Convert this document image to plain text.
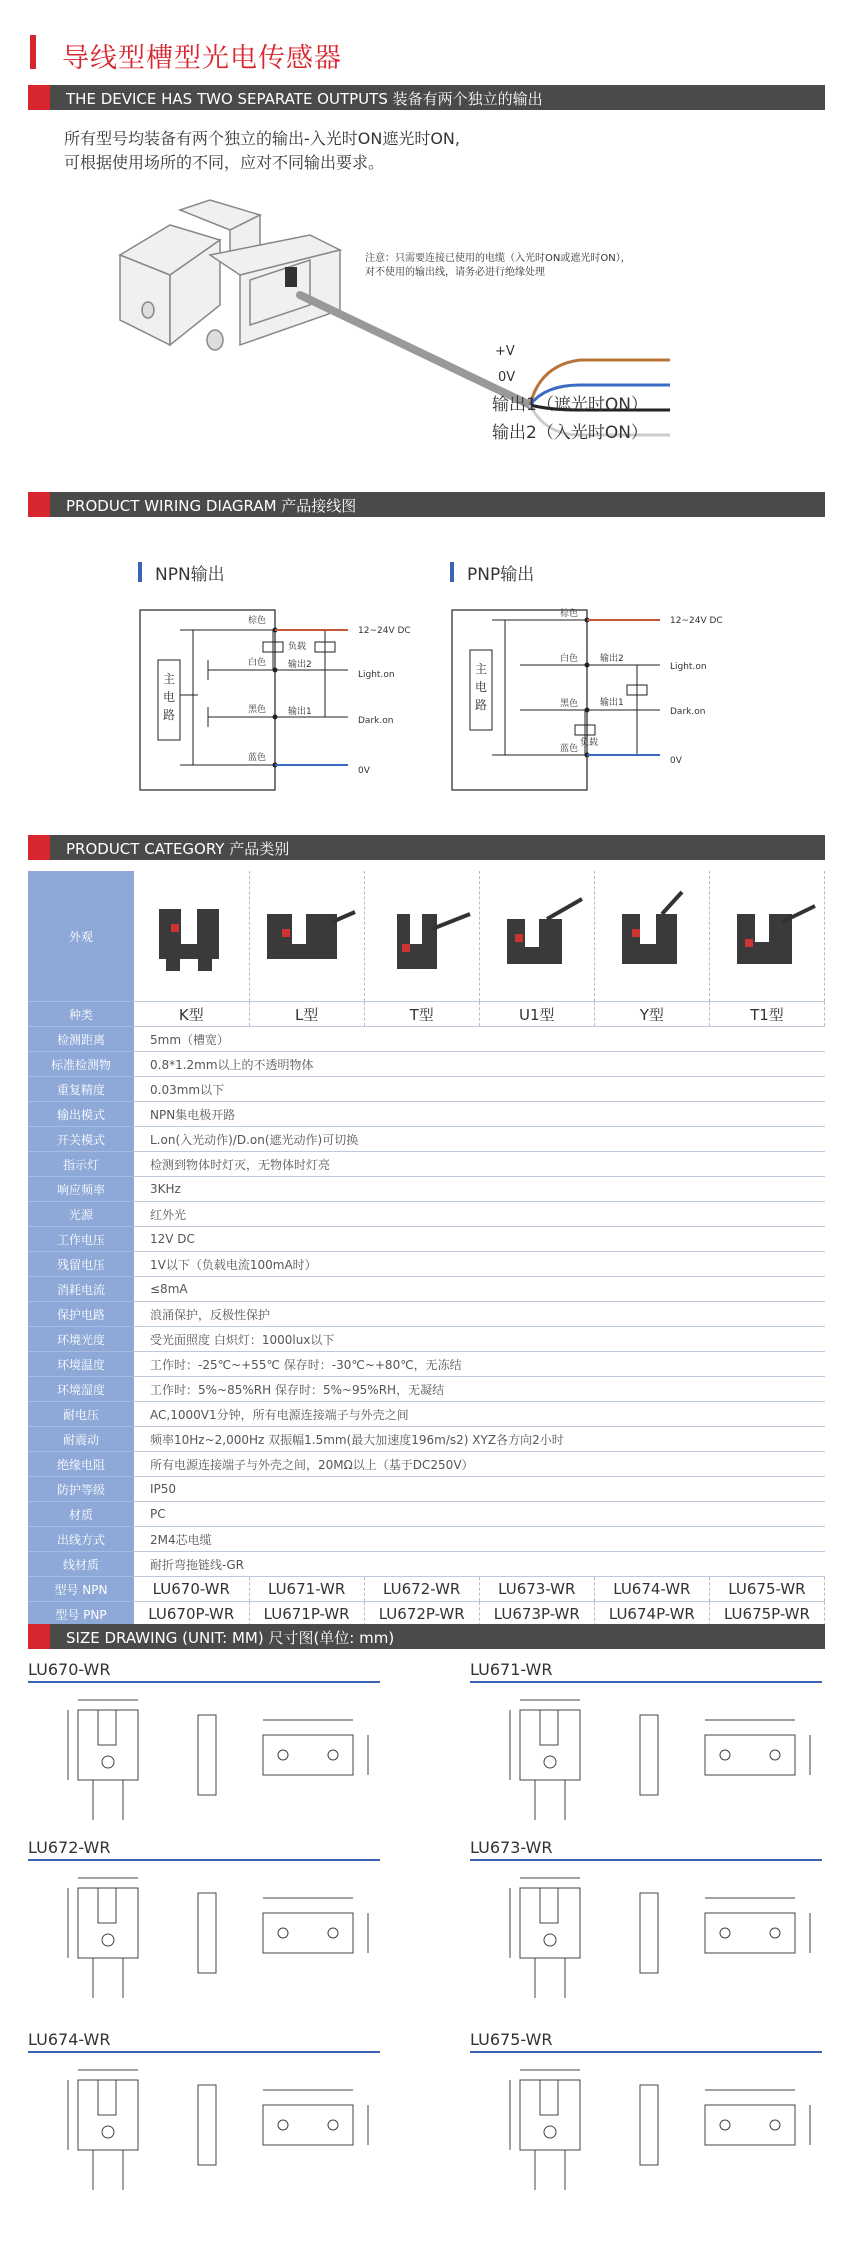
导线型槽型光电传感器
THE DEVICE HAS TWO SEPARATE OUTPUTS 装备有两个独立的输出
所有型号均装备有两个独立的输出-入光时ON遮光时ON,
可根据使用场所的不同，应对不同输出要求。
注意：只需要连接已使用的电缆（入光时ON或遮光时ON），
对不使用的输出线，请务必进行绝缘处理
+V
0V
输出1（遮光时ON）
输出2（入光时ON）
PRODUCT WIRING DIAGRAM 产品接线图
NPN输出	PNP输出
主
电
路
棕色
白色
黑色
蓝色
负载
输出2
输出1
12~24V DC
Light.on
Dark.on
0V
主
电
路
棕色
白色
黑色
蓝色
输出2
输出1
负载
12~24V DC
Light.on
Dark.on
0V
PRODUCT CATEGORY 产品类别
外观						
种类	K型	L型	T型	U1型	Y型	T1型
检测距离	5mm（槽宽）					
标准检测物	0.8*1.2mm以上的不透明物体					
重复精度	0.03mm以下					
输出模式	NPN集电极开路					
开关模式	L.on(入光动作)/D.on(遮光动作)可切换					
指示灯	检测到物体时灯灭，无物体时灯亮					
响应频率	3KHz					
光源	红外光					
工作电压	12V DC					
残留电压	1V以下（负载电流100mA时）					
消耗电流	≤8mA					
保护电路	浪涌保护，反极性保护					
环境光度	受光面照度 白炽灯：1000lux以下					
环境温度	工作时：-25℃~+55℃ 保存时：-30℃~+80℃，无冻结					
环境湿度	工作时：5%~85%RH 保存时：5%~95%RH，无凝结					
耐电压	AC,1000V1分钟，所有电源连接端子与外壳之间					
耐震动	频率10Hz~2,000Hz 双振幅1.5mm(最大加速度196m/s2) XYZ各方向2小时					
绝缘电阻	所有电源连接端子与外壳之间，20MΩ以上（基于DC250V）					
防护等级	IP50					
材质	PC					
出线方式	2M4芯电缆					
线材质	耐折弯拖链线-GR					
型号 NPN	LU670-WR	LU671-WR	LU672-WR	LU673-WR	LU674-WR	LU675-WR
型号 PNP	LU670P-WR	LU671P-WR	LU672P-WR	LU673P-WR	LU674P-WR	LU675P-WR
SIZE DRAWING (UNIT: MM) 尺寸图(单位: mm)
LU670-WR	LU671-WR
LU672-WR	LU673-WR
LU674-WR	LU675-WR
